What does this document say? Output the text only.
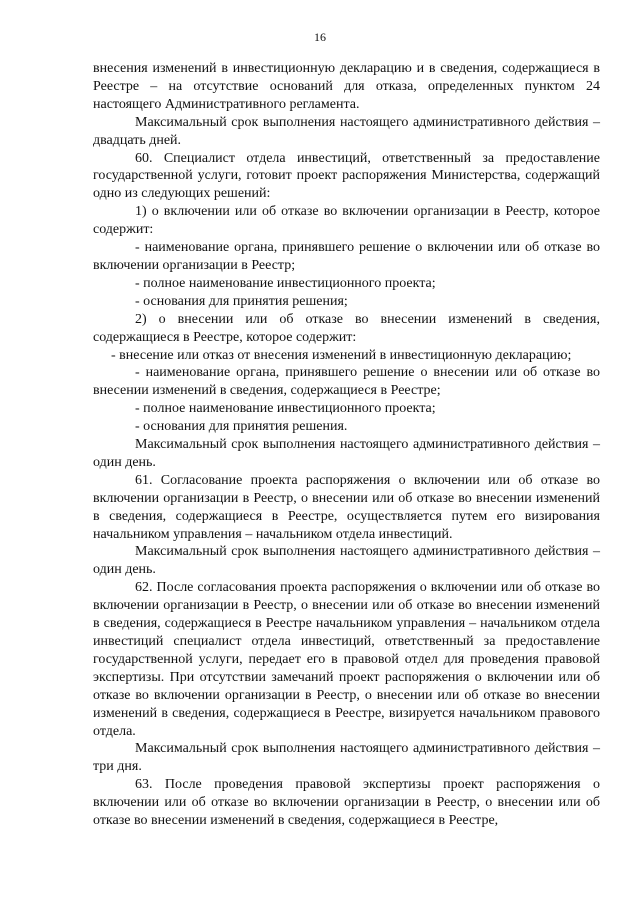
16

внесения изменений в инвестиционную декларацию и в сведения, содержащиеся в Реестре – на отсутствие оснований для отказа, определенных пунктом 24 настоящего Административного регламента.

Максимальный срок выполнения настоящего административного действия – двадцать дней.

60. Специалист отдела инвестиций, ответственный за предоставление государственной услуги, готовит проект распоряжения Министерства, содержащий одно из следующих решений:

1) о включении или об отказе во включении организации в Реестр, которое содержит:

- наименование органа, принявшего решение о включении или об отказе во включении организации в Реестр;

- полное наименование инвестиционного проекта;

- основания для принятия решения;

2) о внесении или об отказе во внесении изменений в сведения, содержащиеся в Реестре, которое содержит:

- внесение или отказ от внесения изменений в инвестиционную декларацию;

- наименование органа, принявшего решение о внесении или об отказе во внесении изменений в сведения, содержащиеся в Реестре;

- полное наименование инвестиционного проекта;

- основания для принятия решения.

Максимальный срок выполнения настоящего административного действия – один день.

61. Согласование проекта распоряжения о включении или об отказе во включении организации в Реестр, о внесении или об отказе во внесении изменений в сведения, содержащиеся в Реестре, осуществляется путем его визирования начальником управления – начальником отдела инвестиций.

Максимальный срок выполнения настоящего административного действия – один день.

62. После согласования проекта распоряжения о включении или об отказе во включении организации в Реестр, о внесении или об отказе во внесении изменений в сведения, содержащиеся в Реестре начальником управления – начальником отдела инвестиций специалист отдела инвестиций, ответственный за предоставление государственной услуги, передает его в правовой отдел для проведения правовой экспертизы. При отсутствии замечаний проект распоряжения о включении или об отказе во включении организации в Реестр, о внесении или об отказе во внесении изменений в сведения, содержащиеся в Реестре, визируется начальником правового отдела.

Максимальный срок выполнения настоящего административного действия – три дня.

63. После проведения правовой экспертизы проект распоряжения о включении или об отказе во включении организации в Реестр, о внесении или об отказе во внесении изменений в сведения, содержащиеся в Реестре,
